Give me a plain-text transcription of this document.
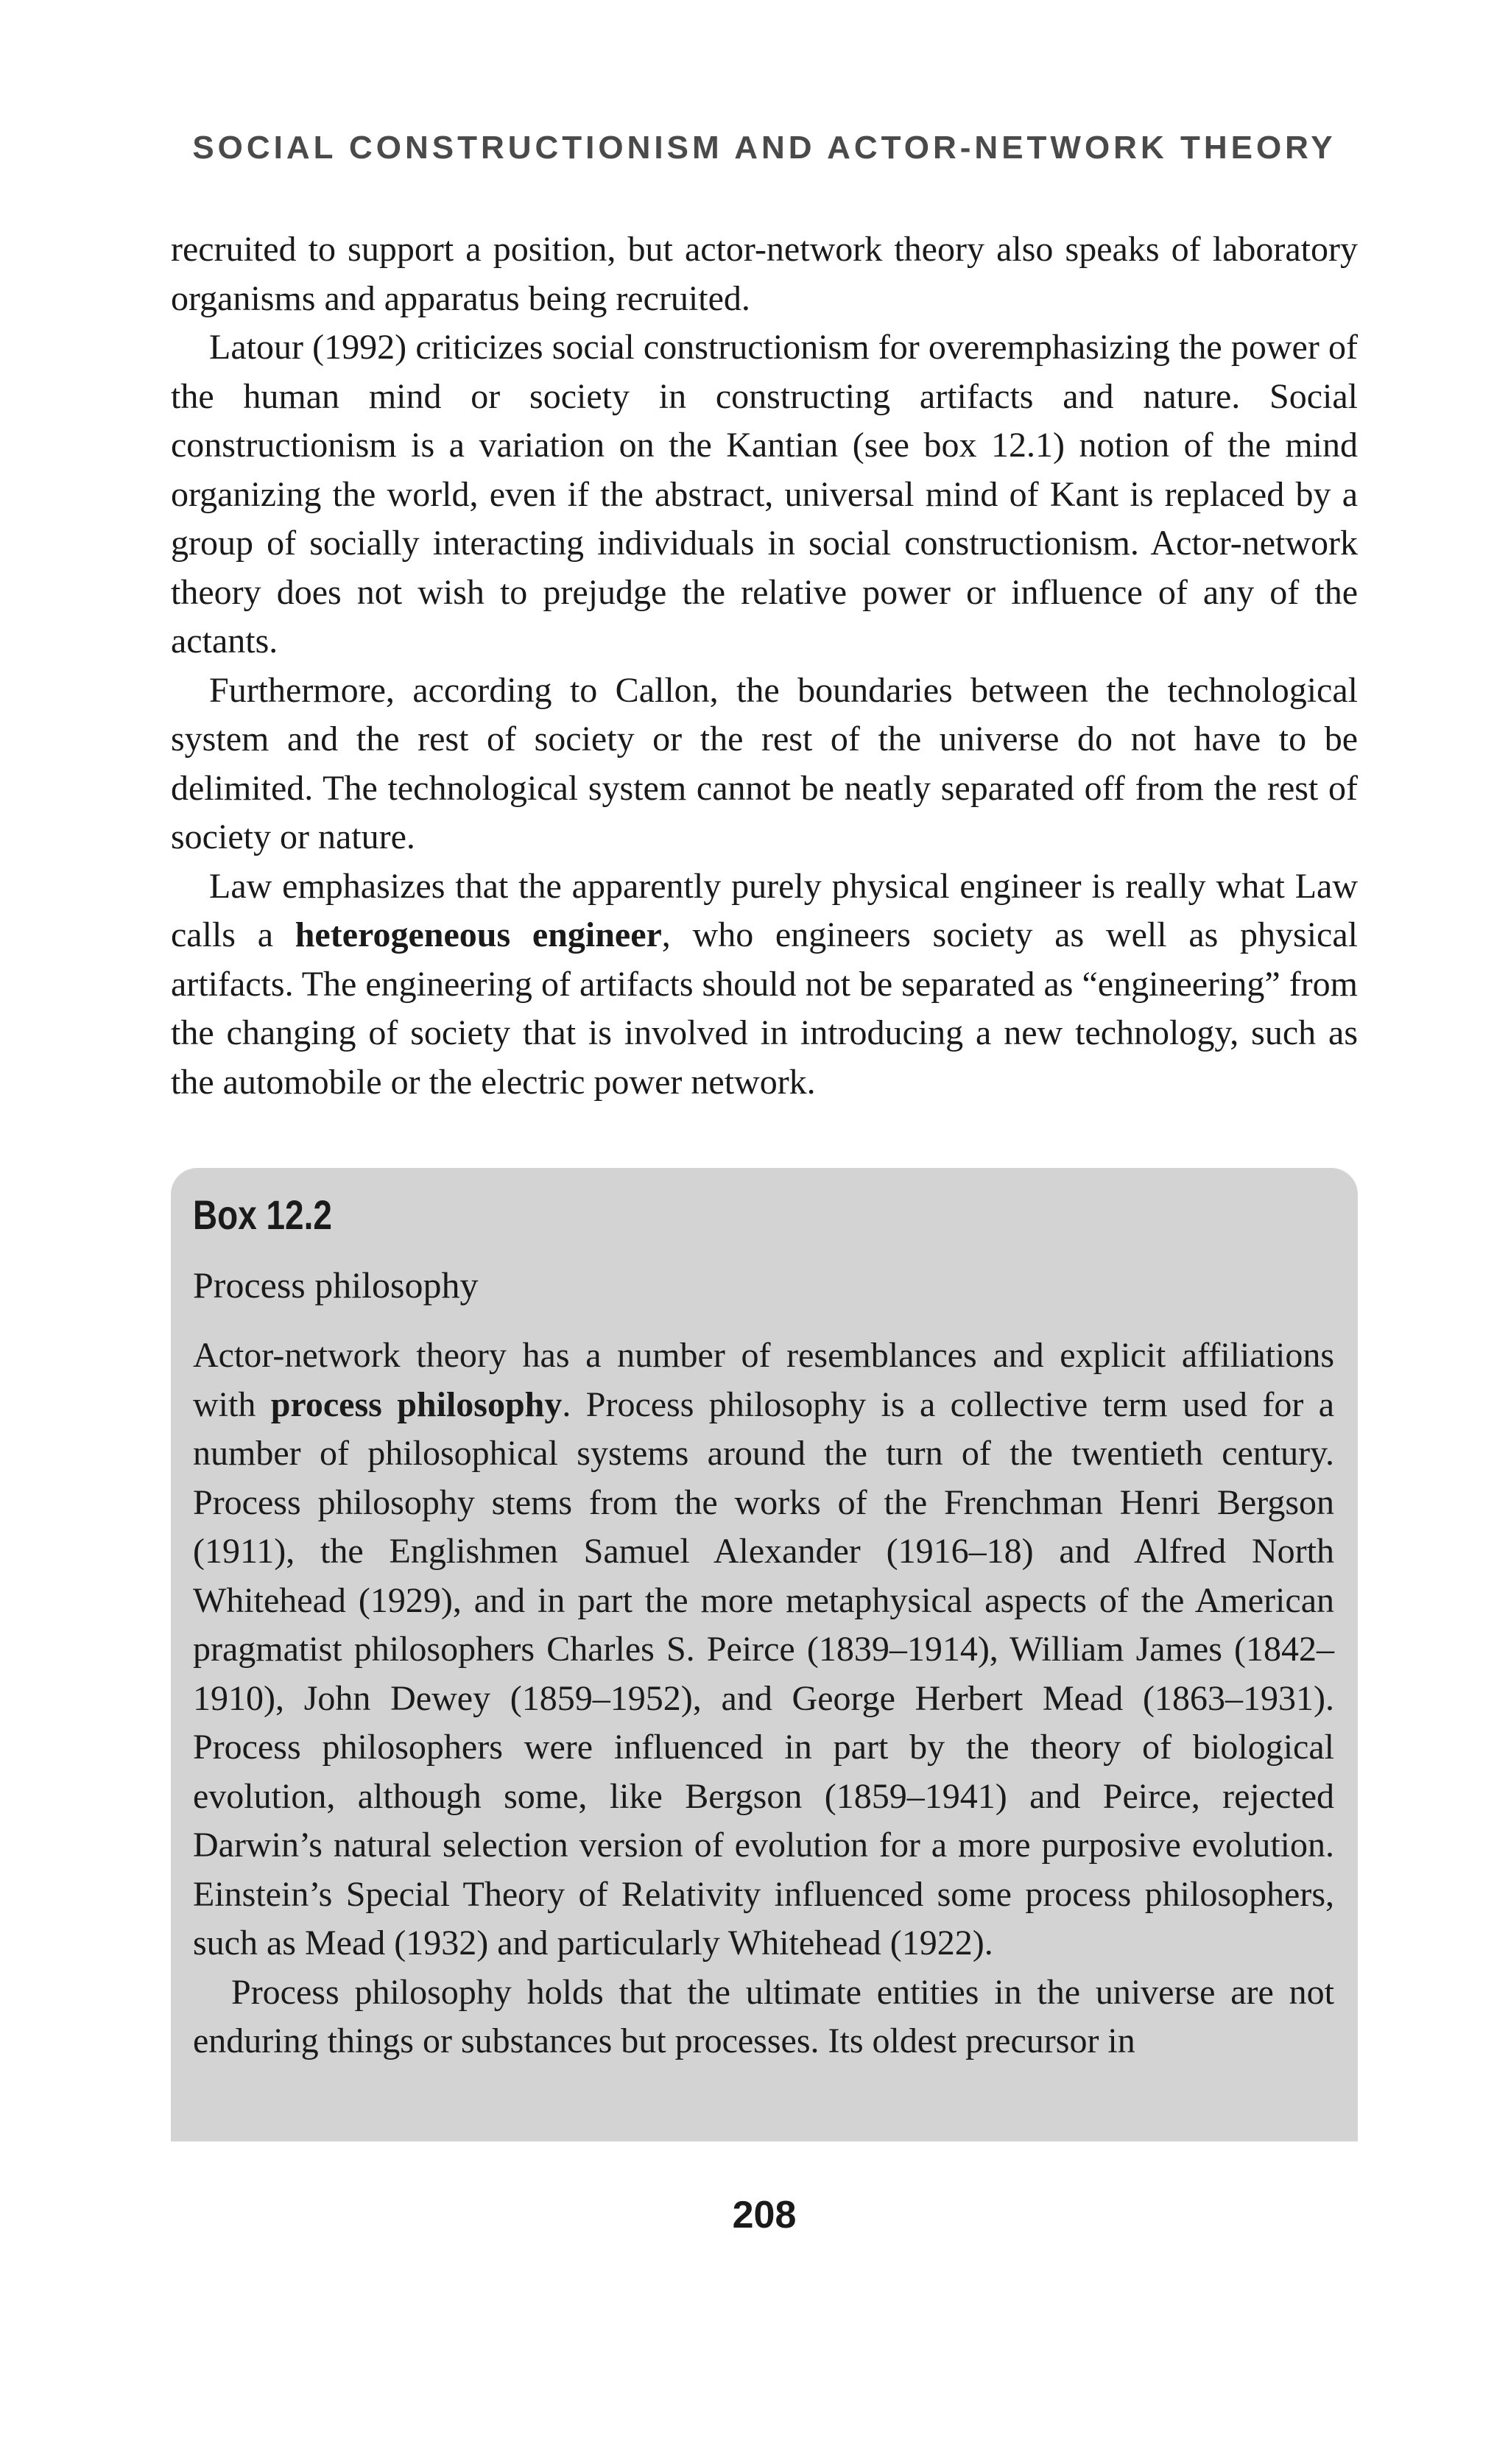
SOCIAL CONSTRUCTIONISM AND ACTOR-NETWORK THEORY

recruited to support a position, but actor-network theory also speaks of laboratory organisms and apparatus being recruited.

Latour (1992) criticizes social constructionism for overemphasizing the power of the human mind or society in constructing artifacts and nature. Social constructionism is a variation on the Kantian (see box 12.1) notion of the mind organizing the world, even if the abstract, universal mind of Kant is replaced by a group of socially interacting individuals in social constructionism. Actor-network theory does not wish to prejudge the relative power or influence of any of the actants.

Furthermore, according to Callon, the boundaries between the technological system and the rest of society or the rest of the universe do not have to be delimited. The technological system cannot be neatly separated off from the rest of society or nature.

Law emphasizes that the apparently purely physical engineer is really what Law calls a heterogeneous engineer, who engineers society as well as physical artifacts. The engineering of artifacts should not be separated as “engineering” from the changing of society that is involved in introducing a new technology, such as the automobile or the electric power network.

Box 12.2
Process philosophy

Actor-network theory has a number of resemblances and explicit affiliations with process philosophy. Process philosophy is a collective term used for a number of philosophical systems around the turn of the twentieth century. Process philosophy stems from the works of the Frenchman Henri Bergson (1911), the Englishmen Samuel Alexander (1916–18) and Alfred North Whitehead (1929), and in part the more metaphysical aspects of the American pragmatist philosophers Charles S. Peirce (1839–1914), William James (1842–1910), John Dewey (1859–1952), and George Herbert Mead (1863–1931). Process philosophers were influenced in part by the theory of biological evolution, although some, like Bergson (1859–1941) and Peirce, rejected Darwin’s natural selection version of evolution for a more purposive evolution. Einstein’s Special Theory of Relativity influenced some process philosophers, such as Mead (1932) and particularly Whitehead (1922).

Process philosophy holds that the ultimate entities in the universe are not enduring things or substances but processes. Its oldest precursor in

208
